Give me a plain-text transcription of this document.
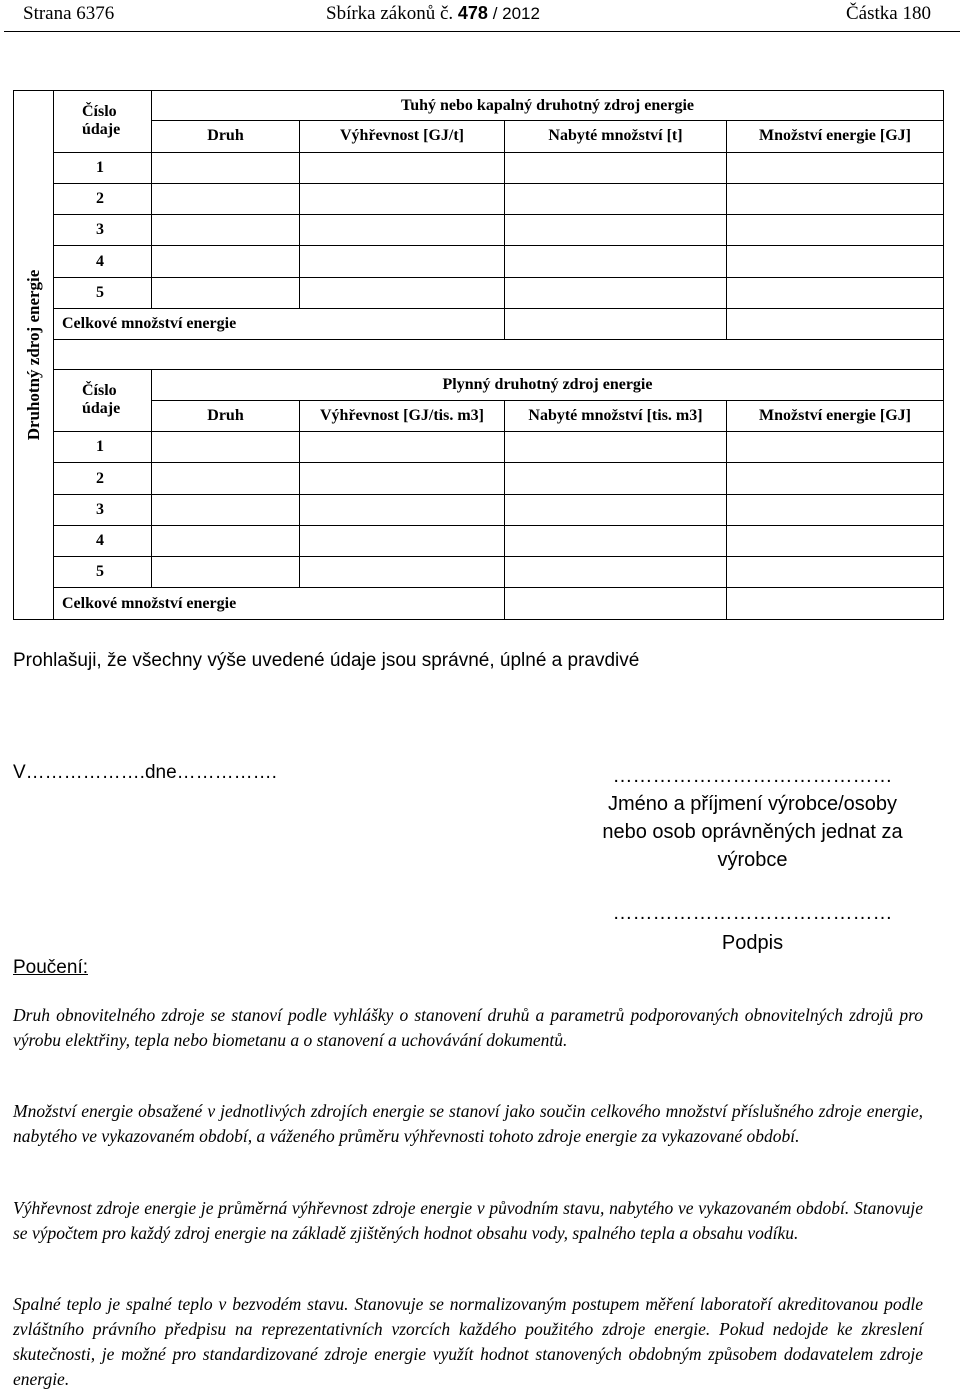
Strana 6376	Sbírka zákonů č. 478 / 2012	Částka 180
Druhotný zdroj energie	Číslo
údaje	Tuhý nebo kapalný druhotný zdroj energie			
		Druh	Výhřevnost [GJ/t]	Nabyté množství [t]	Množství energie [GJ]
	1				
	2				
	3				
	4				
	5				
	Celkové množství energie				

	Číslo
údaje	Plynný druhotný zdroj energie			
		Druh	Výhřevnost [GJ/tis. m3]	Nabyté množství [tis. m3]	Množství energie [GJ]
	1				
	2				
	3				
	4				
	5				
	Celkové množství energie				
Prohlašuji, že všechny výše uvedené údaje jsou správné, úplné a pravdivé
V……………….dne…………….	……………………………………
Jméno a příjmení výrobce/osoby
nebo osob oprávněných jednat za
výrobce
……………………………………
Podpis
Poučení:
Druh obnovitelného zdroje se stanoví podle vyhlášky o stanovení druhů a parametrů podporovaných obnovitelných zdrojů pro výrobu elektřiny, tepla nebo biometanu a o stanovení a uchovávání dokumentů.
Množství energie obsažené v jednotlivých zdrojích energie se stanoví jako součin celkového množství příslušného zdroje energie, nabytého ve vykazovaném období, a váženého průměru výhřevnosti tohoto zdroje energie za vykazované období.
Výhřevnost zdroje energie je průměrná výhřevnost zdroje energie v původním stavu, nabytého ve vykazovaném období. Stanovuje se výpočtem pro každý zdroj energie na základě zjištěných hodnot obsahu vody, spalného tepla a obsahu vodíku.
Spalné teplo je spalné teplo v bezvodém stavu. Stanovuje se normalizovaným postupem měření laboratoří akreditovanou podle zvláštního právního předpisu na reprezentativních vzorcích každého použitého zdroje energie. Pokud nedojde ke zkreslení skutečnosti, je možné pro standardizované zdroje energie využít hodnot stanovených obdobným způsobem dodavatelem zdroje energie.
